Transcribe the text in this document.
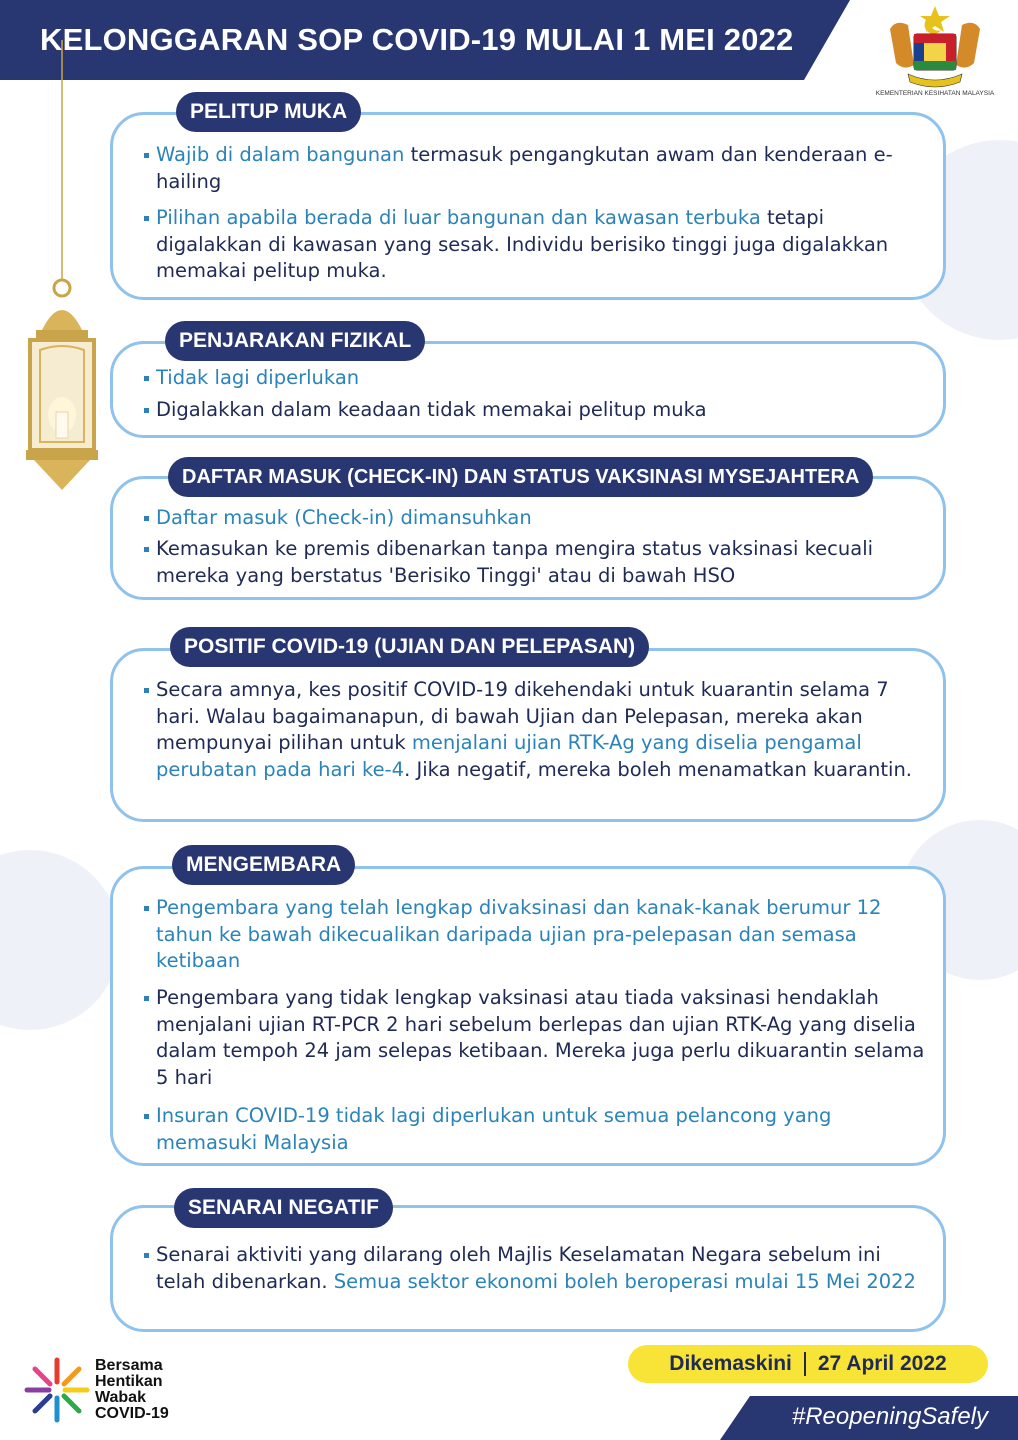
KELONGGARAN SOP COVID-19 MULAI 1 MEI 2022
KEMENTERIAN KESIHATAN MALAYSIA
PELITUP MUKA
Wajib di dalam bangunan termasuk pengangkutan awam dan kenderaan e-hailing
Pilihan apabila berada di luar bangunan dan kawasan terbuka tetapi digalakkan di kawasan yang sesak. Individu berisiko tinggi juga digalakkan memakai pelitup muka.
PENJARAKAN FIZIKAL
Tidak lagi diperlukan
Digalakkan dalam keadaan tidak memakai pelitup muka
DAFTAR MASUK (CHECK-IN) DAN STATUS VAKSINASI MYSEJAHTERA
Daftar masuk (Check-in) dimansuhkan
Kemasukan ke premis dibenarkan tanpa mengira status vaksinasi kecuali mereka yang berstatus 'Berisiko Tinggi' atau di bawah HSO
POSITIF COVID-19 (UJIAN DAN PELEPASAN)
Secara amnya, kes positif COVID-19 dikehendaki untuk kuarantin selama 7 hari. Walau bagaimanapun, di bawah Ujian dan Pelepasan, mereka akan mempunyai pilihan untuk menjalani ujian RTK-Ag yang diselia pengamal perubatan pada hari ke-4. Jika negatif, mereka boleh menamatkan kuarantin.
MENGEMBARA
Pengembara yang telah lengkap divaksinasi dan kanak-kanak berumur 12 tahun ke bawah dikecualikan daripada ujian pra-pelepasan dan semasa ketibaan
Pengembara yang tidak lengkap vaksinasi atau tiada vaksinasi hendaklah menjalani ujian RT-PCR 2 hari sebelum berlepas dan ujian RTK-Ag yang diselia dalam tempoh 24 jam selepas ketibaan. Mereka juga perlu dikuarantin selama 5 hari
Insuran COVID-19 tidak lagi diperlukan untuk semua pelancong yang memasuki Malaysia
SENARAI NEGATIF
Senarai aktiviti yang dilarang oleh Majlis Keselamatan Negara sebelum ini telah dibenarkan. Semua sektor ekonomi boleh beroperasi mulai 15 Mei 2022
Dikemaskini 27 April 2022
Bersama
Hentikan
Wabak
COVID-19	#ReopeningSafely
